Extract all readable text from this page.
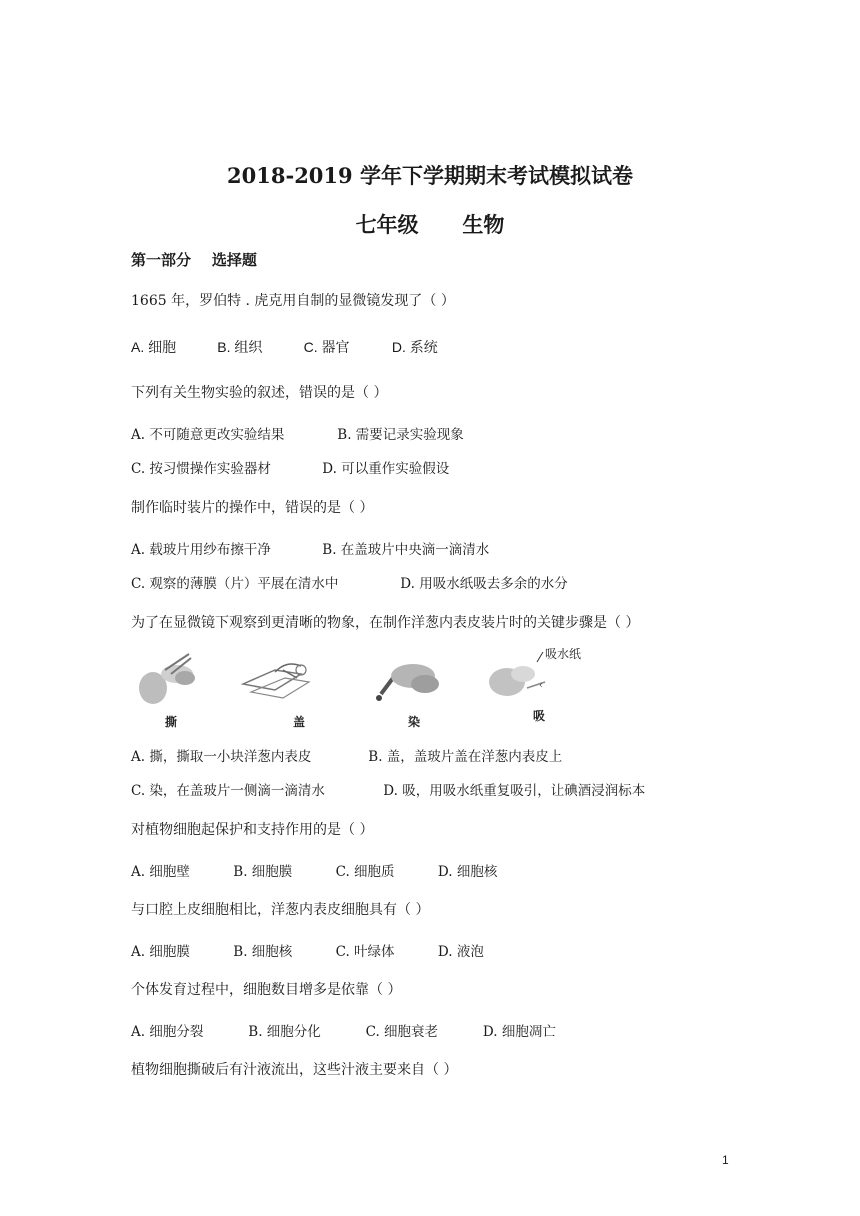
2018-2019 学年下学期期末考试模拟试卷
七年级      生物
第一部分    选择题
1665 年，罗伯特 . 虎克用自制的显微镜发现了（ ）
A. 细胞	B. 组织	C. 器官	D. 系统
下列有关生物实验的叙述，错误的是（ ）
A. 不可随意更改实验结果	B. 需要记录实验现象
C. 按习惯操作实验器材	D. 可以重作实验假设
制作临时装片的操作中，错误的是（ ）
A. 载玻片用纱布擦干净	B. 在盖玻片中央滴一滴清水
C. 观察的薄膜（片）平展在清水中	D. 用吸水纸吸去多余的水分
为了在显微镜下观察到更清晰的物象，在制作洋葱内表皮装片时的关键步骤是（ ）
吸水纸
‹
撕	盖	染	吸
A. 撕，撕取一小块洋葱内表皮	B. 盖，盖玻片盖在洋葱内表皮上
C. 染，在盖玻片一侧滴一滴清水	D. 吸，用吸水纸重复吸引，让碘酒浸润标本
对植物细胞起保护和支持作用的是（ ）
A. 细胞壁	B. 细胞膜	C. 细胞质	D. 细胞核
与口腔上皮细胞相比，洋葱内表皮细胞具有（ ）
A. 细胞膜	B. 细胞核	C. 叶绿体	D. 液泡
个体发育过程中，细胞数目增多是依靠（ ）
A. 细胞分裂	B. 细胞分化	C. 细胞衰老	D. 细胞凋亡
植物细胞撕破后有汁液流出，这些汁液主要来自（ ）
1
